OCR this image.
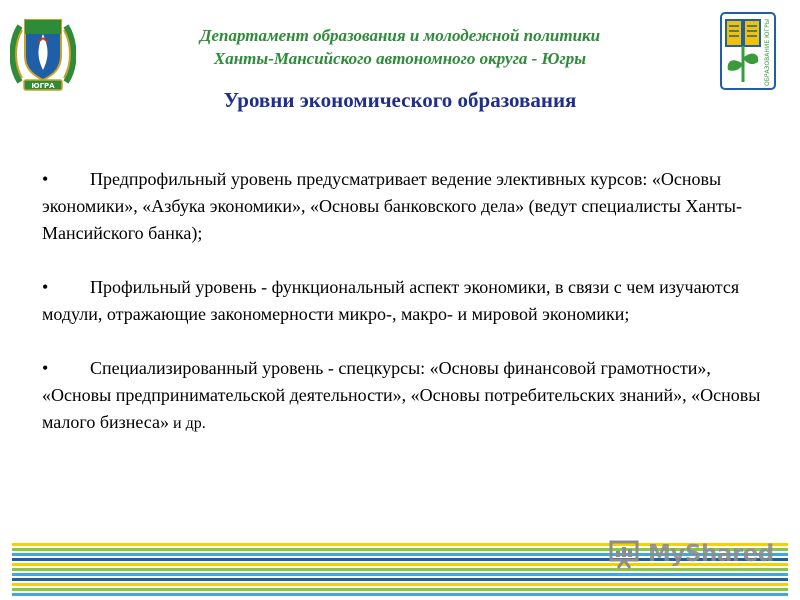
ЮГРА

Департамент образования и молодежной политики

Ханты-Мансийского автономного округа - Югры	ОБРАЗОВАНИЕ ЮГРЫ
Уровни экономического образования

•Предпрофильный уровень предусматривает ведение элективных курсов: «Основы экономики», «Азбука экономики», «Основы банковского дела» (ведут специалисты Ханты-Мансийского банка);

•Профильный уровень - функциональный аспект экономики, в связи с чем изучаются модули, отражающие закономерности микро-, макро- и мировой экономики;

•Специализированный уровень - спецкурсы: «Основы финансовой грамотности», «Основы предпринимательской деятельности», «Основы потребительских знаний», «Основы малого бизнеса» и др.

MyShared
